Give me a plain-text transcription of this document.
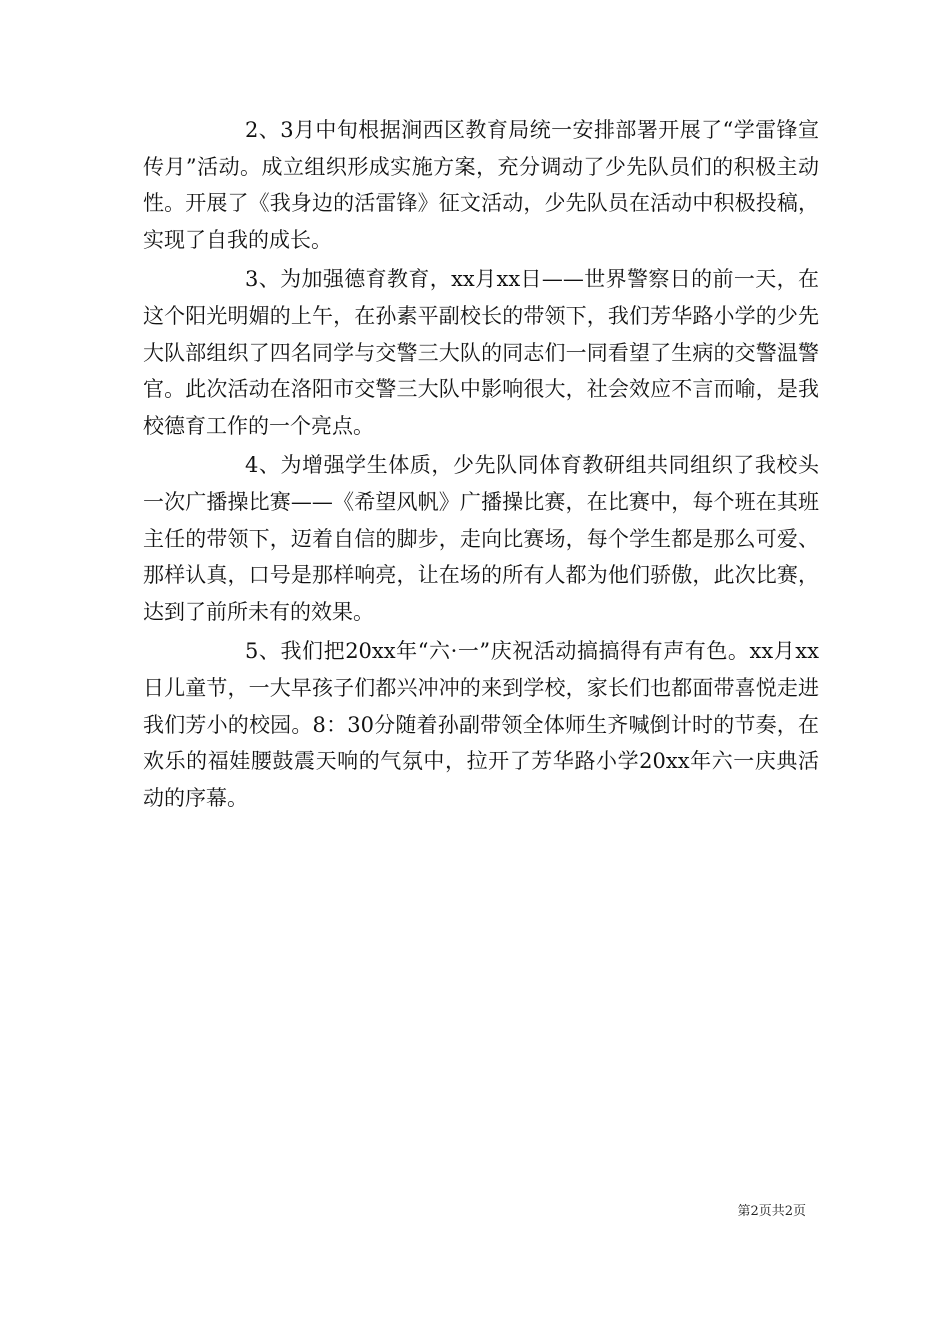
2、3月中旬根据涧西区教育局统一安排部署开展了“学雷锋宣传月”活动。成立组织形成实施方案，充分调动了少先队员们的积极主动性。开展了《我身边的活雷锋》征文活动，少先队员在活动中积极投稿，实现了自我的成长。

3、为加强德育教育，xx月xx日——世界警察日的前一天，在这个阳光明媚的上午，在孙素平副校长的带领下，我们芳华路小学的少先大队部组织了四名同学与交警三大队的同志们一同看望了生病的交警温警官。此次活动在洛阳市交警三大队中影响很大，社会效应不言而喻，是我校德育工作的一个亮点。

4、为增强学生体质，少先队同体育教研组共同组织了我校头一次广播操比赛——《希望风帆》广播操比赛，在比赛中，每个班在其班主任的带领下，迈着自信的脚步，走向比赛场，每个学生都是那么可爱、那样认真，口号是那样响亮，让在场的所有人都为他们骄傲，此次比赛，达到了前所未有的效果。

5、我们把20xx年“六·一”庆祝活动搞搞得有声有色。xx月xx日儿童节，一大早孩子们都兴冲冲的来到学校，家长们也都面带喜悦走进我们芳小的校园。8：30分随着孙副带领全体师生齐喊倒计时的节奏，在欢乐的福娃腰鼓震天响的气氛中，拉开了芳华路小学20xx年六一庆典活动的序幕。

第2页共2页
